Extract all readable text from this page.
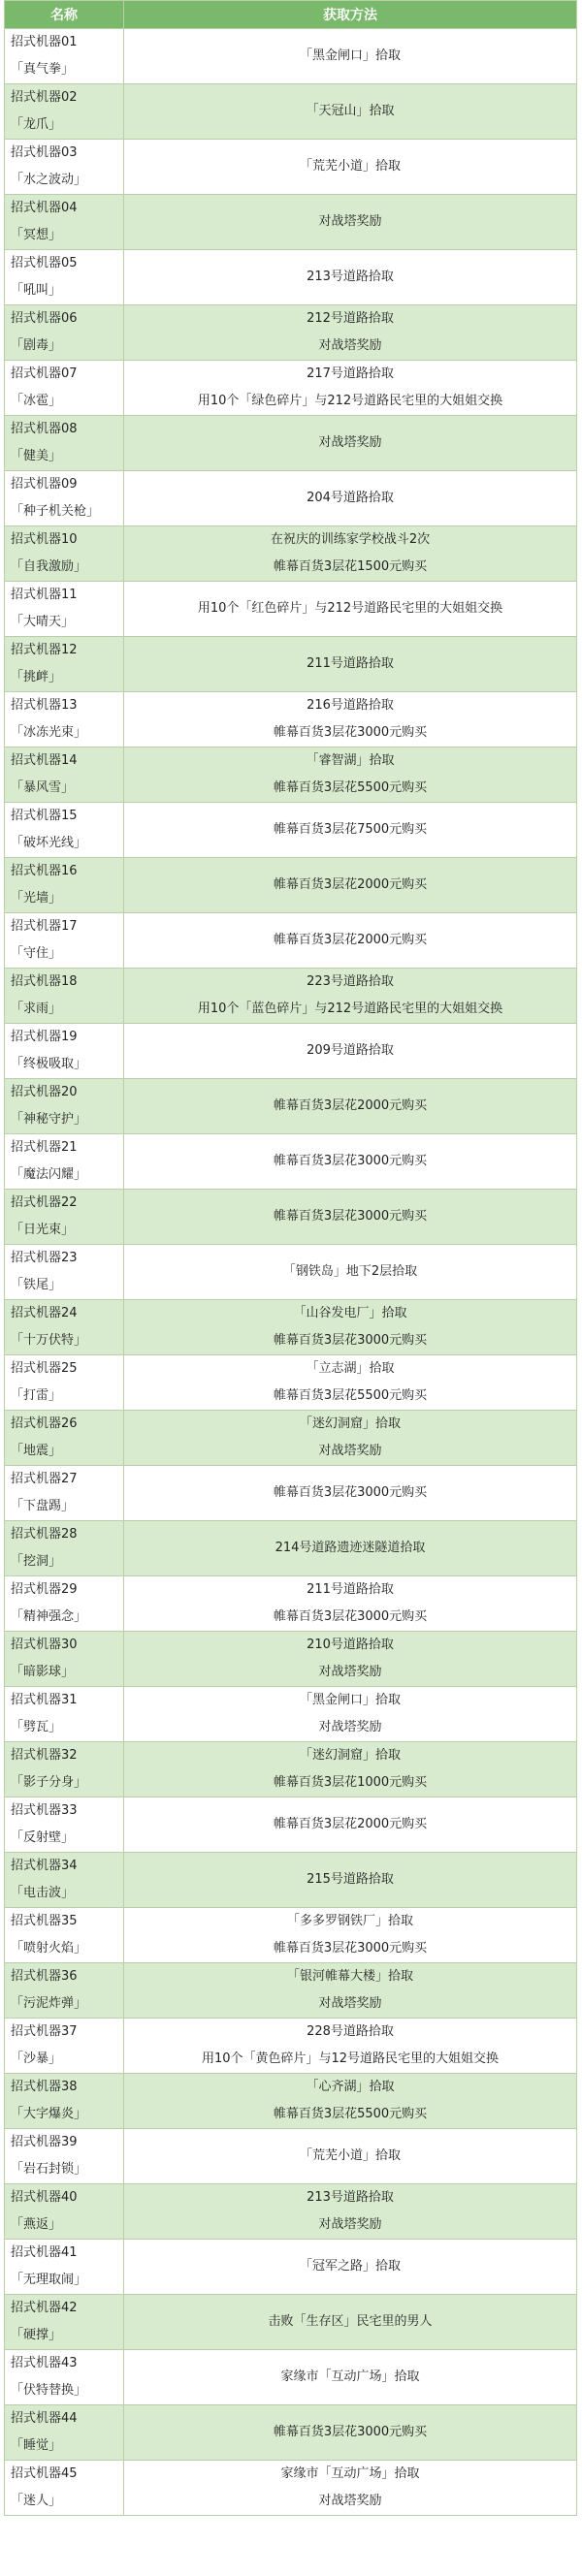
名称	获取方法

招式机器01
「真气拳」	「黑金闸口」拾取

招式机器02
「龙爪」	「天冠山」拾取

招式机器03
「水之波动」	「荒芜小道」拾取

招式机器04
「冥想」	对战塔奖励

招式机器05
「吼叫」	213号道路拾取

招式机器06
「剧毒」	212号道路拾取
对战塔奖励

招式机器07
「冰雹」	217号道路拾取
用10个「绿色碎片」与212号道路民宅里的大姐姐交换

招式机器08
「健美」	对战塔奖励

招式机器09
「种子机关枪」	204号道路拾取

招式机器10
「自我激励」	在祝庆的训练家学校战斗2次
帷幕百货3层花1500元购买

招式机器11
「大晴天」	用10个「红色碎片」与212号道路民宅里的大姐姐交换

招式机器12
「挑衅」	211号道路拾取

招式机器13
「冰冻光束」	216号道路拾取
帷幕百货3层花3000元购买

招式机器14
「暴风雪」	「睿智湖」拾取
帷幕百货3层花5500元购买

招式机器15
「破坏光线」	帷幕百货3层花7500元购买

招式机器16
「光墙」	帷幕百货3层花2000元购买

招式机器17
「守住」	帷幕百货3层花2000元购买

招式机器18
「求雨」	223号道路拾取
用10个「蓝色碎片」与212号道路民宅里的大姐姐交换

招式机器19
「终极吸取」	209号道路拾取

招式机器20
「神秘守护」	帷幕百货3层花2000元购买

招式机器21
「魔法闪耀」	帷幕百货3层花3000元购买

招式机器22
「日光束」	帷幕百货3层花3000元购买

招式机器23
「铁尾」	「钢铁岛」地下2层拾取

招式机器24
「十万伏特」	「山谷发电厂」拾取
帷幕百货3层花3000元购买

招式机器25
「打雷」	「立志湖」拾取
帷幕百货3层花5500元购买

招式机器26
「地震」	「迷幻洞窟」拾取
对战塔奖励

招式机器27
「下盘踢」	帷幕百货3层花3000元购买

招式机器28
「挖洞」	214号道路遗迹迷隧道拾取

招式机器29
「精神强念」	211号道路拾取
帷幕百货3层花3000元购买

招式机器30
「暗影球」	210号道路拾取
对战塔奖励

招式机器31
「劈瓦」	「黑金闸口」拾取
对战塔奖励

招式机器32
「影子分身」	「迷幻洞窟」拾取
帷幕百货3层花1000元购买

招式机器33
「反射壁」	帷幕百货3层花2000元购买

招式机器34
「电击波」	215号道路拾取

招式机器35
「喷射火焰」	「多多罗钢铁厂」拾取
帷幕百货3层花3000元购买

招式机器36
「污泥炸弹」	「银河帷幕大楼」拾取
对战塔奖励

招式机器37
「沙暴」	228号道路拾取
用10个「黄色碎片」与12号道路民宅里的大姐姐交换

招式机器38
「大字爆炎」	「心齐湖」拾取
帷幕百货3层花5500元购买

招式机器39
「岩石封锁」	「荒芜小道」拾取

招式机器40
「燕返」	213号道路拾取
对战塔奖励

招式机器41
「无理取闹」	「冠军之路」拾取

招式机器42
「硬撑」	击败「生存区」民宅里的男人

招式机器43
「伏特替换」	家缘市「互动广场」拾取

招式机器44
「睡觉」	帷幕百货3层花3000元购买

招式机器45
「迷人」	家缘市「互动广场」拾取
对战塔奖励
